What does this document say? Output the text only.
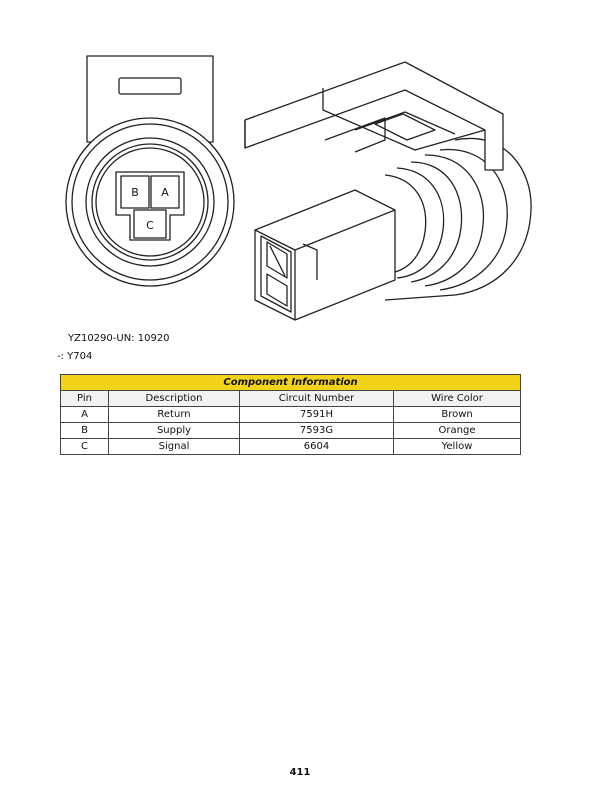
B A
C
YZ10290-UN: 10920
-: Y704
Component Information			
Pin	Description	Circuit Number	Wire Color
A	Return	7591H	Brown
B	Supply	7593G	Orange
C	Signal	6604	Yellow
411
